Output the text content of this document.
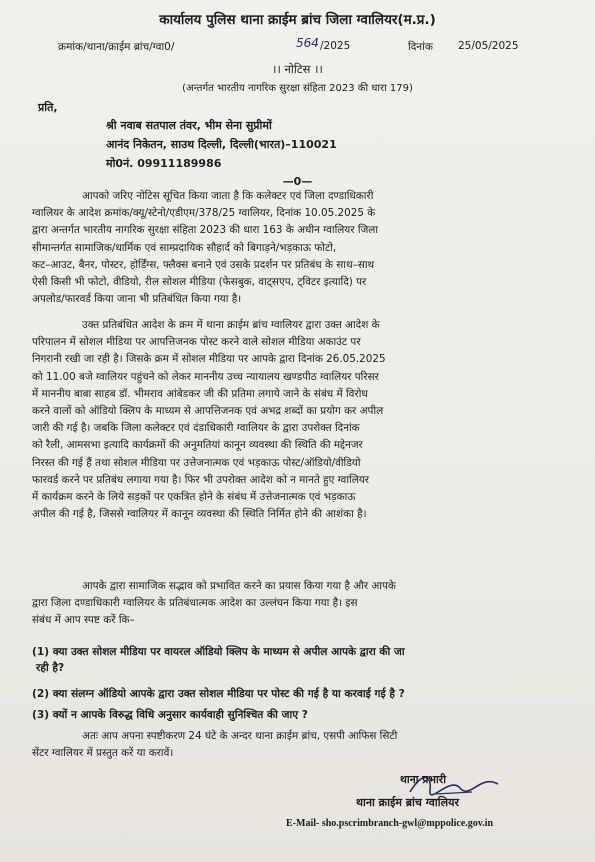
कार्यालय पुलिस थाना क्राईम ब्रांच जिला ग्वालियर(म.प्र.)
क्रमांक/थाना/क्राईम ब्रांच/ग्वा0/	564 /2025	दिनांक 25/05/2025
।। नोटिस ।।
(अन्तर्गत भारतीय नागरिक सुरक्षा संहिता 2023 की धारा 179)
प्रति,
श्री नवाब सतपाल तंवर, भीम सेना सुप्रीमों
आनंद निकेतन, साउथ दिल्ली, दिल्ली(भारत)–110021
मो0नं. 09911189986
—0—
आपको जरिए नोटिस सूचित किया जाता है कि कलेक्टर एवं जिला दण्डाधिकारी
ग्वालियर के आदेश क्रमांक/क्यू/स्टेनो/एडीएम/378/25 ग्वालियर, दिनांक 10.05.2025 के
द्वारा अन्तर्गत भारतीय नागरिक सुरक्षा संहिता 2023 की धारा 163 के अधीन ग्वालियर जिला
सीमान्तर्गत सामाजिक/धार्मिक एवं साम्प्रदायिक सौहार्द को बिगाड़ने/भड़काऊ फोटो,
कट–आउट, बैनर, पोस्टर, होर्डिंग्स, फ्लैक्स बनाने एवं उसके प्रदर्शन पर प्रतिबंध के साथ–साथ
ऐसी किसी भी फोटो, वीडियो, रील सोशल मीडिया (फेसबुक, वाट्सएप, ट्विटर इत्यादि) पर
अपलोड/फारवर्ड किया जाना भी प्रतिबंधित किया गया है।
उक्त प्रतिबंधित आदेश के क्रम में थाना क्राईम ब्रांच ग्वालियर द्वारा उक्त आदेश के
परिपालन में सोशल मीडिया पर आपत्तिजनक पोस्ट करने वाले सोशल मीडिया अकाउंट पर
निगरानी रखी जा रही है। जिसके क्रम में सोशल मीडिया पर आपके द्वारा दिनांक 26.05.2025
को 11.00 बजे ग्वालियर पहुंचने को लेकर माननीय उच्च न्यायालय खण्डपीठ ग्वालियर परिसर
में माननीय बाबा साहब डॉ. भीमराव आंबेडकर जी की प्रतिमा लगाये जाने के संबंध में विरोध
करने वालों को ऑडियो क्लिप के माध्यम से आपत्तिजनक एवं अभद्र शब्दों का प्रयोग कर अपील
जारी की गई है। जबकि जिला कलेक्टर एवं दंडाधिकारी ग्वालियर के द्वारा उपरोक्त दिनांक
को रैली, आमसभा इत्यादि कार्यक्रमों की अनुमतियां कानून व्यवस्था की स्थिति की मद्देनजर
निरस्त की गई हैं तथा सोशल मीडिया पर उत्तेजनात्मक एवं भड़काऊ पोस्ट/ऑडियो/वीडियो
फारवर्ड करने पर प्रतिबंध लगाया गया है। फिर भी उपरोक्त आदेश को न मानते हुए ग्वालियर
में कार्यक्रम करने के लिये सड़कों पर एकत्रित होने के संबंध में उत्तेजनात्मक एवं भड़काऊ
अपील की गई है, जिससे ग्वालियर में कानून व्यवस्था की स्थिति निर्मित होने की आशंका है।
आपके द्वारा सामाजिक सद्भाव को प्रभावित करने का प्रयास किया गया है और आपके
द्वारा जिला दण्डाधिकारी ग्वालियर के प्रतिबंधात्मक आदेश का उल्लंघन किया गया है। इस
संबंध में आप स्पष्ट करें कि–
(1) क्या उक्त सोशल मीडिया पर वायरल ऑडियो क्लिप के माध्यम से अपील आपके द्वारा की जा
रही है?
(2) क्या संलग्न ऑडियो आपके द्वारा उक्त सोशल मीडिया पर पोस्ट की गई है या करवाई गई है ?
(3) क्यों न आपके विरुद्ध विधि अनुसार कार्यवाही सुनिश्चित की जाए ?
अतः आप अपना स्पष्टीकरण 24 घंटे के अन्दर थाना क्राईम ब्रांच, एसपी आफिस सिटी
सेंटर ग्वालियर में प्रस्तुत करें या करावें।
थाना प्रभारी
थाना क्राईम ब्रांच ग्वालियर
E-Mail- sho.pscrimbranch-gwl@mppolice.gov.in
